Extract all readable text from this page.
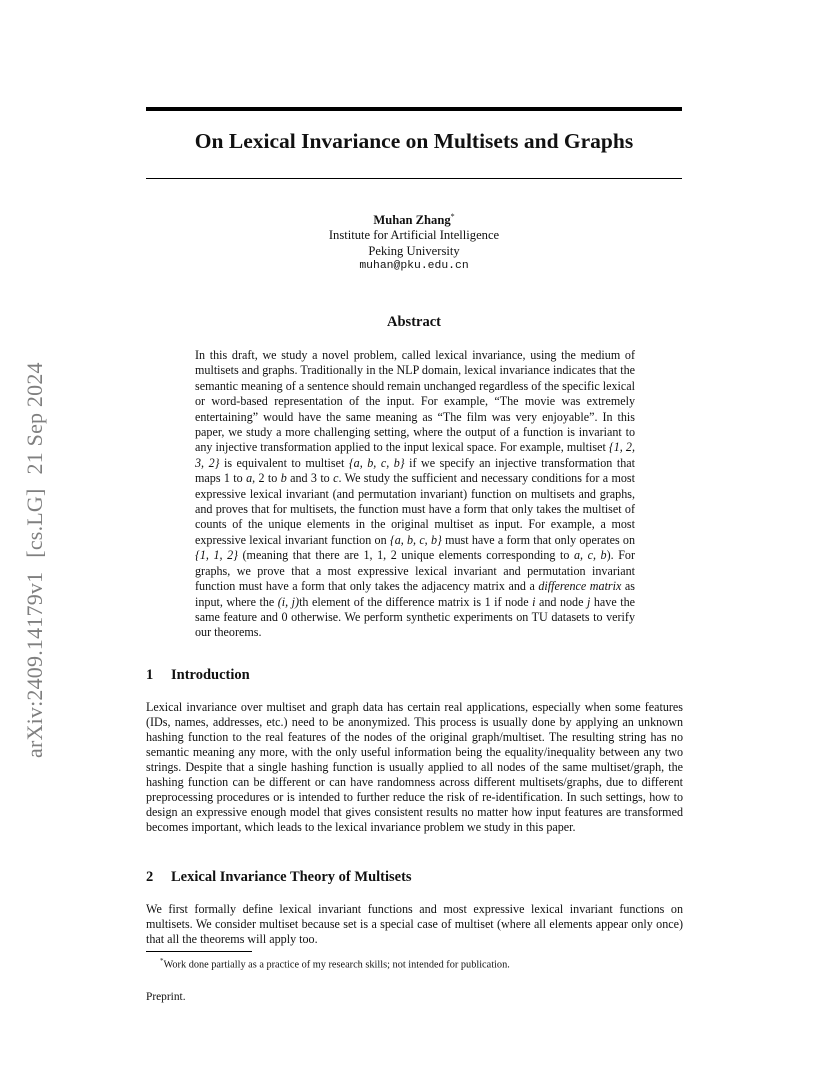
arXiv:2409.14179v1[cs.LG]21 Sep 2024
On Lexical Invariance on Multisets and Graphs
Muhan Zhang*
Institute for Artificial Intelligence
Peking University
muhan@pku.edu.cn
Abstract

In this draft, we study a novel problem, called lexical invariance, using the medium of multisets and graphs. Traditionally in the NLP domain, lexical invariance indicates that the semantic meaning of a sentence should remain unchanged regardless of the specific lexical or word-based representation of the input. For example, “The movie was extremely entertaining” would have the same meaning as “The film was very enjoyable”. In this paper, we study a more challenging setting, where the output of a function is invariant to any injective transformation applied to the input lexical space. For example, multiset {1, 2, 3, 2} is equivalent to multiset {a, b, c, b} if we specify an injective transformation that maps 1 to a, 2 to b and 3 to c. We study the sufficient and necessary conditions for a most expressive lexical invariant (and permutation invariant) function on multisets and graphs, and proves that for multisets, the function must have a form that only takes the multiset of counts of the unique elements in the original multiset as input. For example, a most expressive lexical invariant function on {a, b, c, b} must have a form that only operates on {1, 1, 2} (meaning that there are 1, 1, 2 unique elements corresponding to a, c, b). For graphs, we prove that a most expressive lexical invariant and permutation invariant function must have a form that only takes the adjacency matrix and a difference matrix as input, where the (i, j)th element of the difference matrix is 1 if node i and node j have the same feature and 0 otherwise. We perform synthetic experiments on TU datasets to verify our theorems.

1 Introduction

Lexical invariance over multiset and graph data has certain real applications, especially when some features (IDs, names, addresses, etc.) need to be anonymized. This process is usually done by applying an unknown hashing function to the real features of the nodes of the original graph/multiset. The resulting string has no semantic meaning any more, with the only useful information being the equality/inequality between any two strings. Despite that a single hashing function is usually applied to all nodes of the same multiset/graph, the hashing function can be different or can have randomness across different multisets/graphs, due to different preprocessing procedures or is intended to further reduce the risk of re-identification. In such settings, how to design an expressive enough model that gives consistent results no matter how input features are transformed becomes important, which leads to the lexical invariance problem we study in this paper.

2 Lexical Invariance Theory of Multisets

We first formally define lexical invariant functions and most expressive lexical invariant functions on multisets. We consider multiset because set is a special case of multiset (where all elements appear only once) that all the theorems will apply too.

*Work done partially as a practice of my research skills; not intended for publication.

Preprint.
